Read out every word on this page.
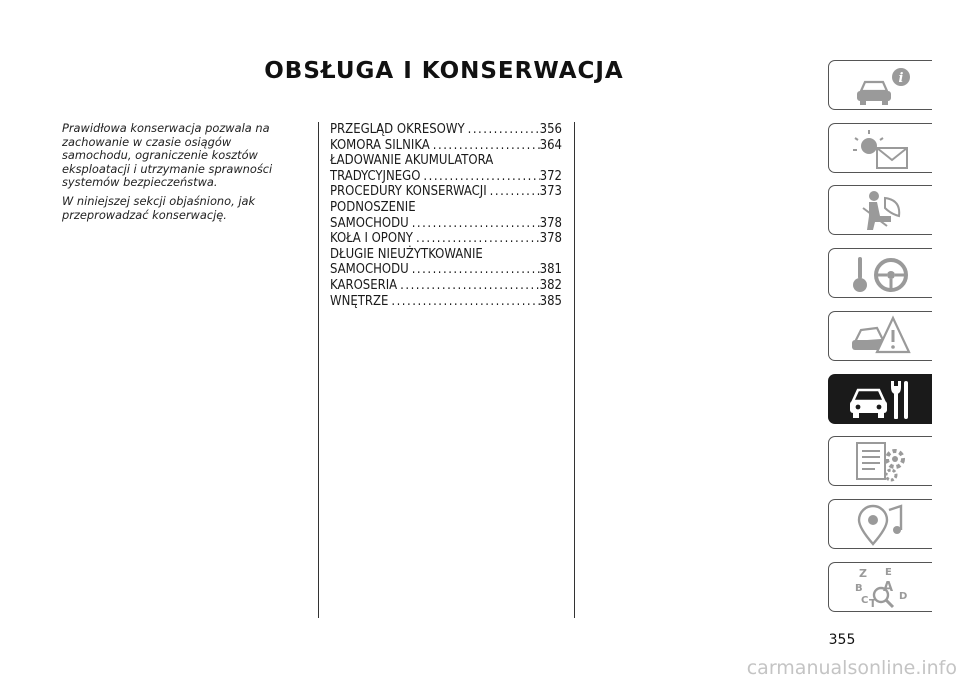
OBSŁUGA I KONSERWACJA

Prawidłowa konserwacja pozwala na zachowanie w czasie osiągów samochodu, ograniczenie kosztów eksploatacji i utrzymanie sprawności systemów bezpieczeństwa.

W niniejszej sekcji objaśniono, jak przeprowadzać konserwację.

PRZEGLĄD OKRESOWY .....	356
KOMORA SILNIKA .....	364
ŁADOWANIE AKUMULATORA
TRADYCYJNEGO .....	372
PROCEDURY KONSERWACJI .....	373
PODNOSZENIE
SAMOCHODU .....	378
KOŁA I OPONY .....	378
DŁUGIE NIEUŻYTKOWANIE
SAMOCHODU .....	381
KAROSERIA .....	382
WNĘTRZE .....	385
i
Z E
B A
C	D
T
355
carmanualsonline.info
